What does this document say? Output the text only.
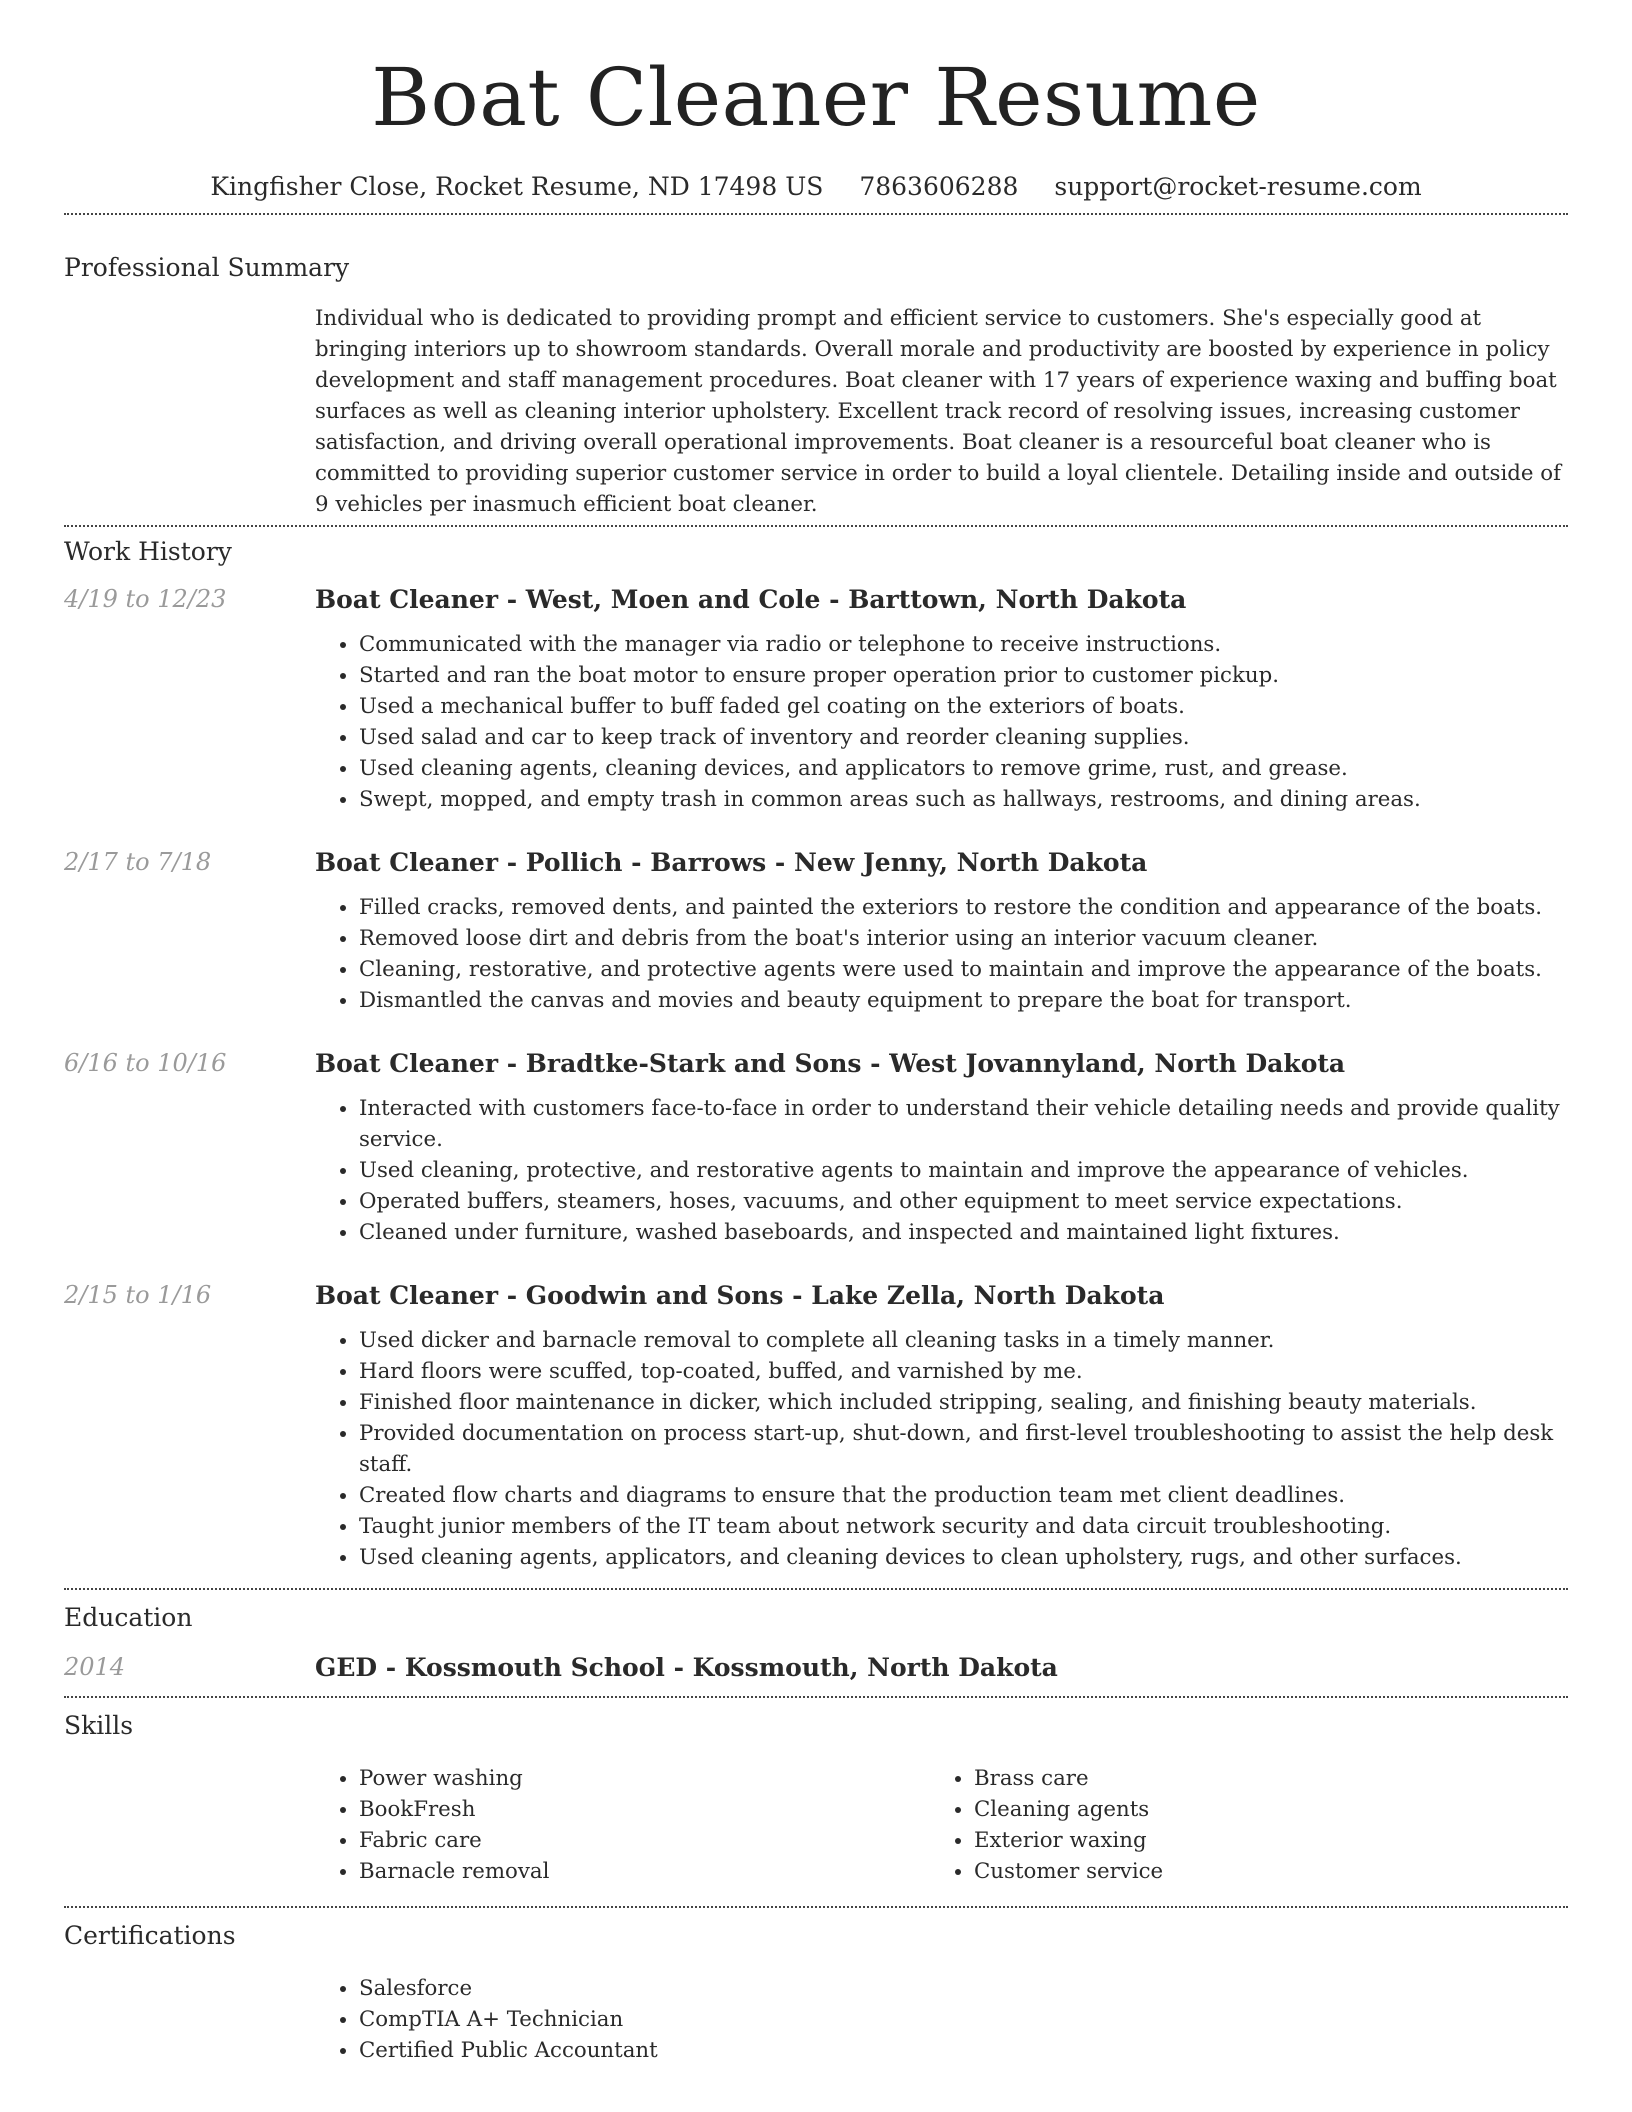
Boat Cleaner Resume
Kingfisher Close, Rocket Resume, ND 17498 US 7863606288 support@rocket-resume.com
Professional Summary

Individual who is dedicated to providing prompt and efficient service to customers. She's especially good at bringing interiors up to showroom standards. Overall morale and productivity are boosted by experience in policy development and staff management procedures. Boat cleaner with 17 years of experience waxing and buffing boat surfaces as well as cleaning interior upholstery. Excellent track record of resolving issues, increasing customer satisfaction, and driving overall operational improvements. Boat cleaner is a resourceful boat cleaner who is committed to providing superior customer service in order to build a loyal clientele. Detailing inside and outside of 9 vehicles per inasmuch efficient boat cleaner.

Work History
4/19 to 12/23	Boat Cleaner - West, Moen and Cole - Barttown, North Dakota
• Communicated with the manager via radio or telephone to receive instructions.
• Started and ran the boat motor to ensure proper operation prior to customer pickup.
• Used a mechanical buffer to buff faded gel coating on the exteriors of boats.
• Used salad and car to keep track of inventory and reorder cleaning supplies.
• Used cleaning agents, cleaning devices, and applicators to remove grime, rust, and grease.
• Swept, mopped, and empty trash in common areas such as hallways, restrooms, and dining areas.
2/17 to 7/18	Boat Cleaner - Pollich - Barrows - New Jenny, North Dakota
• Filled cracks, removed dents, and painted the exteriors to restore the condition and appearance of the boats.
• Removed loose dirt and debris from the boat's interior using an interior vacuum cleaner.
• Cleaning, restorative, and protective agents were used to maintain and improve the appearance of the boats.
• Dismantled the canvas and movies and beauty equipment to prepare the boat for transport.
6/16 to 10/16	Boat Cleaner - Bradtke-Stark and Sons - West Jovannyland, North Dakota
• Interacted with customers face-to-face in order to understand their vehicle detailing needs and provide quality service.
• Used cleaning, protective, and restorative agents to maintain and improve the appearance of vehicles.
• Operated buffers, steamers, hoses, vacuums, and other equipment to meet service expectations.
• Cleaned under furniture, washed baseboards, and inspected and maintained light fixtures.
2/15 to 1/16	Boat Cleaner - Goodwin and Sons - Lake Zella, North Dakota
• Used dicker and barnacle removal to complete all cleaning tasks in a timely manner.
• Hard floors were scuffed, top-coated, buffed, and varnished by me.
• Finished floor maintenance in dicker, which included stripping, sealing, and finishing beauty materials.
• Provided documentation on process start-up, shut-down, and first-level troubleshooting to assist the help desk staff.
• Created flow charts and diagrams to ensure that the production team met client deadlines.
• Taught junior members of the IT team about network security and data circuit troubleshooting.
• Used cleaning agents, applicators, and cleaning devices to clean upholstery, rugs, and other surfaces.
Education
2014	GED - Kossmouth School - Kossmouth, North Dakota
Skills
• Power washing
• BookFresh
• Fabric care
• Barnacle removal
• Brass care
• Cleaning agents
• Exterior waxing
• Customer service
Certifications
• Salesforce
• CompTIA A+ Technician
• Certified Public Accountant
